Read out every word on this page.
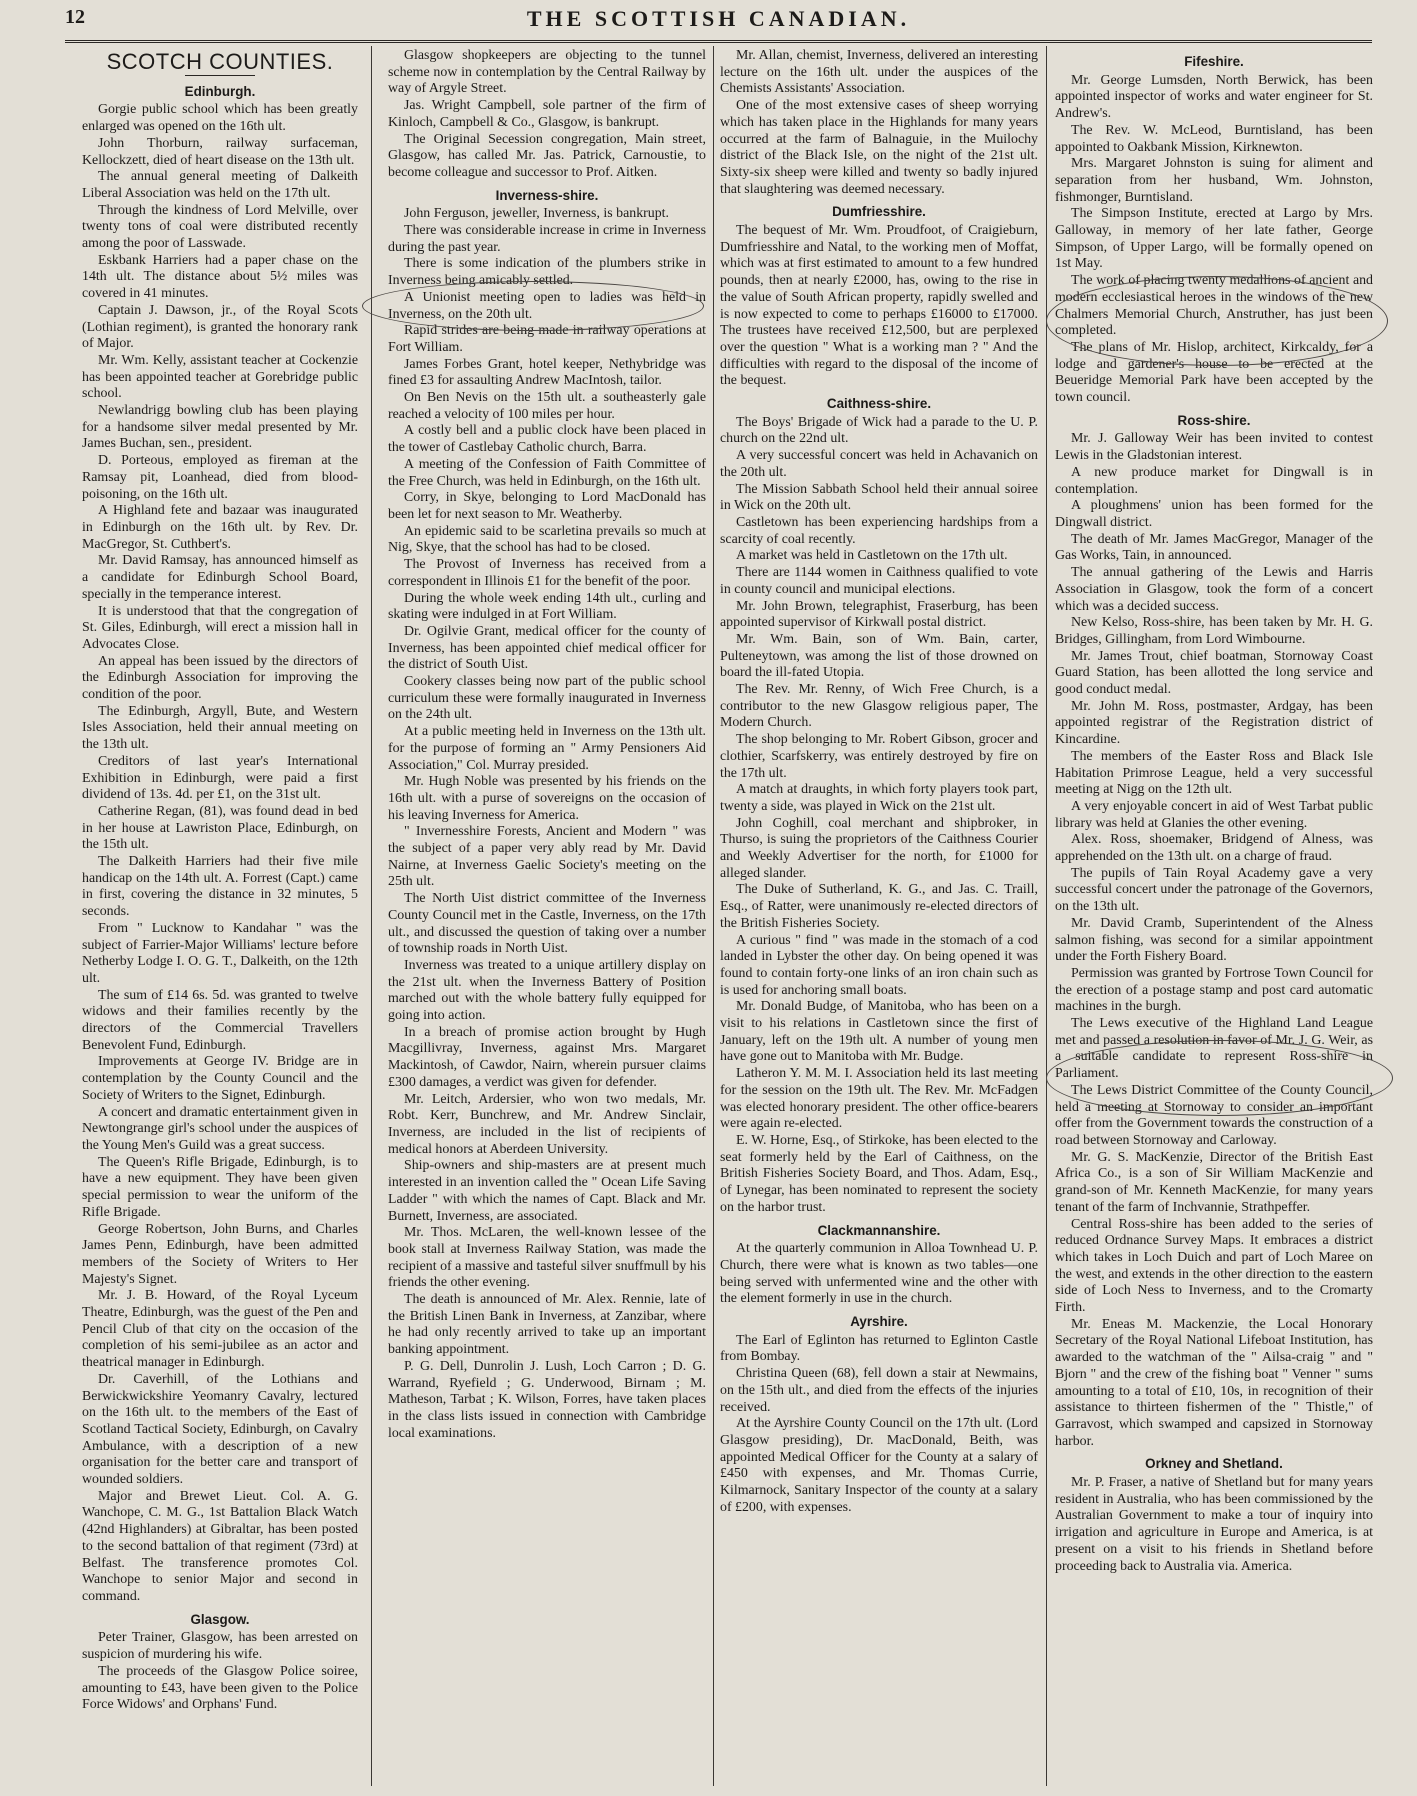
12	THE SCOTTISH CANADIAN.
SCOTCH COUNTIES.
Edinburgh.

Gorgie public school which has been greatly enlarged was opened on the 16th ult.

John Thorburn, railway surfaceman, Kellockzett, died of heart disease on the 13th ult.

The annual general meeting of Dalkeith Liberal Association was held on the 17th ult.

Through the kindness of Lord Melville, over twenty tons of coal were distributed recently among the poor of Lasswade.

Eskbank Harriers had a paper chase on the 14th ult. The distance about 5½ miles was covered in 41 minutes.

Captain J. Dawson, jr., of the Royal Scots (Lothian regiment), is granted the honorary rank of Major.

Mr. Wm. Kelly, assistant teacher at Cockenzie has been appointed teacher at Gorebridge public school.

Newlandrigg bowling club has been playing for a handsome silver medal presented by Mr. James Buchan, sen., president.

D. Porteous, employed as fireman at the Ramsay pit, Loanhead, died from blood-poisoning, on the 16th ult.

A Highland fete and bazaar was inaugurated in Edinburgh on the 16th ult. by Rev. Dr. MacGregor, St. Cuthbert's.

Mr. David Ramsay, has announced himself as a candidate for Edinburgh School Board, specially in the temperance interest.

It is understood that that the congregation of St. Giles, Edinburgh, will erect a mission hall in Advocates Close.

An appeal has been issued by the directors of the Edinburgh Association for improving the condition of the poor.

The Edinburgh, Argyll, Bute, and Western Isles Association, held their annual meeting on the 13th ult.

Creditors of last year's International Exhibition in Edinburgh, were paid a first dividend of 13s. 4d. per £1, on the 31st ult.

Catherine Regan, (81), was found dead in bed in her house at Lawriston Place, Edinburgh, on the 15th ult.

The Dalkeith Harriers had their five mile handicap on the 14th ult. A. Forrest (Capt.) came in first, covering the distance in 32 minutes, 5 seconds.

From " Lucknow to Kandahar " was the subject of Farrier-Major Williams' lecture before Netherby Lodge I. O. G. T., Dalkeith, on the 12th ult.

The sum of £14 6s. 5d. was granted to twelve widows and their families recently by the directors of the Commercial Travellers Benevolent Fund, Edinburgh.

Improvements at George IV. Bridge are in contemplation by the County Council and the Society of Writers to the Signet, Edinburgh.

A concert and dramatic entertainment given in Newtongrange girl's school under the auspices of the Young Men's Guild was a great success.

The Queen's Rifle Brigade, Edinburgh, is to have a new equipment. They have been given special permission to wear the uniform of the Rifle Brigade.

George Robertson, John Burns, and Charles James Penn, Edinburgh, have been admitted members of the Society of Writers to Her Majesty's Signet.

Mr. J. B. Howard, of the Royal Lyceum Theatre, Edinburgh, was the guest of the Pen and Pencil Club of that city on the occasion of the completion of his semi-jubilee as an actor and theatrical manager in Edinburgh.

Dr. Caverhill, of the Lothians and Berwickwickshire Yeomanry Cavalry, lectured on the 16th ult. to the members of the East of Scotland Tactical Society, Edinburgh, on Cavalry Ambulance, with a description of a new organisation for the better care and transport of wounded soldiers.

Major and Brewet Lieut. Col. A. G. Wanchope, C. M. G., 1st Battalion Black Watch (42nd Highlanders) at Gibraltar, has been posted to the second battalion of that regiment (73rd) at Belfast. The transference promotes Col. Wanchope to senior Major and second in command.

Glasgow.

Peter Trainer, Glasgow, has been arrested on suspicion of murdering his wife.

The proceeds of the Glasgow Police soiree, amounting to £43, have been given to the Police Force Widows' and Orphans' Fund.

Glasgow shopkeepers are objecting to the tunnel scheme now in contemplation by the Central Railway by way of Argyle Street.

Jas. Wright Campbell, sole partner of the firm of Kinloch, Campbell & Co., Glasgow, is bankrupt.

The Original Secession congregation, Main street, Glasgow, has called Mr. Jas. Patrick, Carnoustie, to become colleague and successor to Prof. Aitken.

Inverness-shire.

John Ferguson, jeweller, Inverness, is bankrupt.

There was considerable increase in crime in Inverness during the past year.

There is some indication of the plumbers strike in Inverness being amicably settled.

A Unionist meeting open to ladies was held in Inverness, on the 20th ult.

Rapid strides are being made in railway operations at Fort William.

James Forbes Grant, hotel keeper, Nethybridge was fined £3 for assaulting Andrew MacIntosh, tailor.

On Ben Nevis on the 15th ult. a southeasterly gale reached a velocity of 100 miles per hour.

A costly bell and a public clock have been placed in the tower of Castlebay Catholic church, Barra.

A meeting of the Confession of Faith Committee of the Free Church, was held in Edinburgh, on the 16th ult.

Corry, in Skye, belonging to Lord MacDonald has been let for next season to Mr. Weatherby.

An epidemic said to be scarletina prevails so much at Nig, Skye, that the school has had to be closed.

The Provost of Inverness has received from a correspondent in Illinois £1 for the benefit of the poor.

During the whole week ending 14th ult., curling and skating were indulged in at Fort William.

Dr. Ogilvie Grant, medical officer for the county of Inverness, has been appointed chief medical officer for the district of South Uist.

Cookery classes being now part of the public school curriculum these were formally inaugurated in Inverness on the 24th ult.

At a public meeting held in Inverness on the 13th ult. for the purpose of forming an " Army Pensioners Aid Association," Col. Murray presided.

Mr. Hugh Noble was presented by his friends on the 16th ult. with a purse of sovereigns on the occasion of his leaving Inverness for America.

" Invernesshire Forests, Ancient and Modern " was the subject of a paper very ably read by Mr. David Nairne, at Inverness Gaelic Society's meeting on the 25th ult.

The North Uist district committee of the Inverness County Council met in the Castle, Inverness, on the 17th ult., and discussed the question of taking over a number of township roads in North Uist.

Inverness was treated to a unique artillery display on the 21st ult. when the Inverness Battery of Position marched out with the whole battery fully equipped for going into action.

In a breach of promise action brought by Hugh Macgillivray, Inverness, against Mrs. Margaret Mackintosh, of Cawdor, Nairn, wherein pursuer claims £300 damages, a verdict was given for defender.

Mr. Leitch, Ardersier, who won two medals, Mr. Robt. Kerr, Bunchrew, and Mr. Andrew Sinclair, Inverness, are included in the list of recipients of medical honors at Aberdeen University.

Ship-owners and ship-masters are at present much interested in an invention called the " Ocean Life Saving Ladder " with which the names of Capt. Black and Mr. Burnett, Inverness, are associated.

Mr. Thos. McLaren, the well-known lessee of the book stall at Inverness Railway Station, was made the recipient of a massive and tasteful silver snuffmull by his friends the other evening.

The death is announced of Mr. Alex. Rennie, late of the British Linen Bank in Inverness, at Zanzibar, where he had only recently arrived to take up an important banking appointment.

P. G. Dell, Dunrolin J. Lush, Loch Carron ; D. G. Warrand, Ryefield ; G. Underwood, Birnam ; M. Matheson, Tarbat ; K. Wilson, Forres, have taken places in the class lists issued in connection with Cambridge local examinations.

Mr. Allan, chemist, Inverness, delivered an interesting lecture on the 16th ult. under the auspices of the Chemists Assistants' Association.

One of the most extensive cases of sheep worrying which has taken place in the Highlands for many years occurred at the farm of Balnaguie, in the Muilochy district of the Black Isle, on the night of the 21st ult. Sixty-six sheep were killed and twenty so badly injured that slaughtering was deemed necessary.

Dumfriesshire.

The bequest of Mr. Wm. Proudfoot, of Craigieburn, Dumfriesshire and Natal, to the working men of Moffat, which was at first estimated to amount to a few hundred pounds, then at nearly £2000, has, owing to the rise in the value of South African property, rapidly swelled and is now expected to come to perhaps £16000 to £17000. The trustees have received £12,500, but are perplexed over the question " What is a working man ? " And the difficulties with regard to the disposal of the income of the bequest.

Caithness-shire.

The Boys' Brigade of Wick had a parade to the U. P. church on the 22nd ult.

A very successful concert was held in Achavanich on the 20th ult.

The Mission Sabbath School held their annual soiree in Wick on the 20th ult.

Castletown has been experiencing hardships from a scarcity of coal recently.

A market was held in Castletown on the 17th ult.

There are 1144 women in Caithness qualified to vote in county council and municipal elections.

Mr. John Brown, telegraphist, Fraserburg, has been appointed supervisor of Kirkwall postal district.

Mr. Wm. Bain, son of Wm. Bain, carter, Pulteneytown, was among the list of those drowned on board the ill-fated Utopia.

The Rev. Mr. Renny, of Wich Free Church, is a contributor to the new Glasgow religious paper, The Modern Church.

The shop belonging to Mr. Robert Gibson, grocer and clothier, Scarfskerry, was entirely destroyed by fire on the 17th ult.

A match at draughts, in which forty players took part, twenty a side, was played in Wick on the 21st ult.

John Coghill, coal merchant and shipbroker, in Thurso, is suing the proprietors of the Caithness Courier and Weekly Advertiser for the north, for £1000 for alleged slander.

The Duke of Sutherland, K. G., and Jas. C. Traill, Esq., of Ratter, were unanimously re-elected directors of the British Fisheries Society.

A curious " find " was made in the stomach of a cod landed in Lybster the other day. On being opened it was found to contain forty-one links of an iron chain such as is used for anchoring small boats.

Mr. Donald Budge, of Manitoba, who has been on a visit to his relations in Castletown since the first of January, left on the 19th ult. A number of young men have gone out to Manitoba with Mr. Budge.

Latheron Y. M. M. I. Association held its last meeting for the session on the 19th ult. The Rev. Mr. McFadgen was elected honorary president. The other office-bearers were again re-elected.

E. W. Horne, Esq., of Stirkoke, has been elected to the seat formerly held by the Earl of Caithness, on the British Fisheries Society Board, and Thos. Adam, Esq., of Lynegar, has been nominated to represent the society on the harbor trust.

Clackmannanshire.

At the quarterly communion in Alloa Townhead U. P. Church, there were what is known as two tables—one being served with unfermented wine and the other with the element formerly in use in the church.

Ayrshire.

The Earl of Eglinton has returned to Eglinton Castle from Bombay.

Christina Queen (68), fell down a stair at Newmains, on the 15th ult., and died from the effects of the injuries received.

At the Ayrshire County Council on the 17th ult. (Lord Glasgow presiding), Dr. MacDonald, Beith, was appointed Medical Officer for the County at a salary of £450 with expenses, and Mr. Thomas Currie, Kilmarnock, Sanitary Inspector of the county at a salary of £200, with expenses.

Fifeshire.

Mr. George Lumsden, North Berwick, has been appointed inspector of works and water engineer for St. Andrew's.

The Rev. W. McLeod, Burntisland, has been appointed to Oakbank Mission, Kirknewton.

Mrs. Margaret Johnston is suing for aliment and separation from her husband, Wm. Johnston, fishmonger, Burntisland.

The Simpson Institute, erected at Largo by Mrs. Galloway, in memory of her late father, George Simpson, of Upper Largo, will be formally opened on 1st May.

The work of placing twenty medallions of ancient and modern ecclesiastical heroes in the windows of the new Chalmers Memorial Church, Anstruther, has just been completed.

The plans of Mr. Hislop, architect, Kirkcaldy, for a lodge and gardener's house to be erected at the Beueridge Memorial Park have been accepted by the town council.

Ross-shire.

Mr. J. Galloway Weir has been invited to contest Lewis in the Gladstonian interest.

A new produce market for Dingwall is in contemplation.

A ploughmens' union has been formed for the Dingwall district.

The death of Mr. James MacGregor, Manager of the Gas Works, Tain, in announced.

The annual gathering of the Lewis and Harris Association in Glasgow, took the form of a concert which was a decided success.

New Kelso, Ross-shire, has been taken by Mr. H. G. Bridges, Gillingham, from Lord Wimbourne.

Mr. James Trout, chief boatman, Stornoway Coast Guard Station, has been allotted the long service and good conduct medal.

Mr. John M. Ross, postmaster, Ardgay, has been appointed registrar of the Registration district of Kincardine.

The members of the Easter Ross and Black Isle Habitation Primrose League, held a very successful meeting at Nigg on the 12th ult.

A very enjoyable concert in aid of West Tarbat public library was held at Glanies the other evening.

Alex. Ross, shoemaker, Bridgend of Alness, was apprehended on the 13th ult. on a charge of fraud.

The pupils of Tain Royal Academy gave a very successful concert under the patronage of the Governors, on the 13th ult.

Mr. David Cramb, Superintendent of the Alness salmon fishing, was second for a similar appointment under the Forth Fishery Board.

Permission was granted by Fortrose Town Council for the erection of a postage stamp and post card automatic machines in the burgh.

The Lews executive of the Highland Land League met and passed a resolution in favor of Mr. J. G. Weir, as a suitable candidate to represent Ross-shire in Parliament.

The Lews District Committee of the County Council, held a meeting at Stornoway to consider an important offer from the Government towards the construction of a road between Stornoway and Carloway.

Mr. G. S. MacKenzie, Director of the British East Africa Co., is a son of Sir William MacKenzie and grand-son of Mr. Kenneth MacKenzie, for many years tenant of the farm of Inchvannie, Strathpeffer.

Central Ross-shire has been added to the series of reduced Ordnance Survey Maps. It embraces a district which takes in Loch Duich and part of Loch Maree on the west, and extends in the other direction to the eastern side of Loch Ness to Inverness, and to the Cromarty Firth.

Mr. Eneas M. Mackenzie, the Local Honorary Secretary of the Royal National Lifeboat Institution, has awarded to the watchman of the " Ailsa-craig " and " Bjorn " and the crew of the fishing boat " Venner " sums amounting to a total of £10, 10s, in recognition of their assistance to thirteen fishermen of the " Thistle," of Garravost, which swamped and capsized in Stornoway harbor.

Orkney and Shetland.

Mr. P. Fraser, a native of Shetland but for many years resident in Australia, who has been commissioned by the Australian Government to make a tour of inquiry into irrigation and agriculture in Europe and America, is at present on a visit to his friends in Shetland before proceeding back to Australia via. America.
